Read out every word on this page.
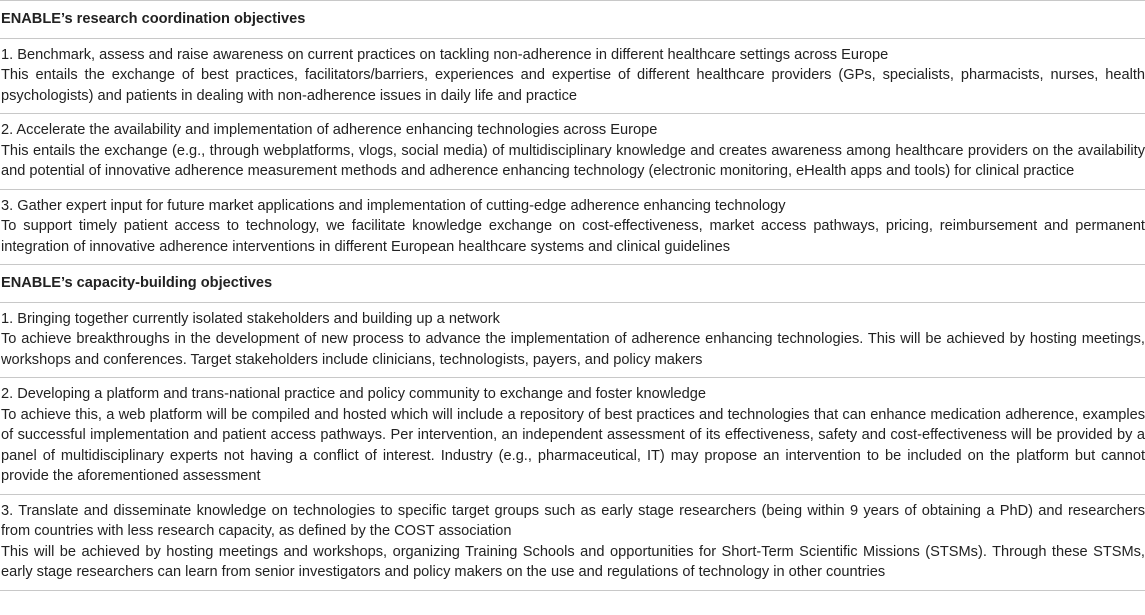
ENABLE’s research coordination objectives
1. Benchmark, assess and raise awareness on current practices on tackling non-adherence in different healthcare settings across Europe
This entails the exchange of best practices, facilitators/barriers, experiences and expertise of different healthcare providers (GPs, specialists, pharmacists, nurses, health psychologists) and patients in dealing with non-adherence issues in daily life and practice
2. Accelerate the availability and implementation of adherence enhancing technologies across Europe
This entails the exchange (e.g., through webplatforms, vlogs, social media) of multidisciplinary knowledge and creates awareness among healthcare providers on the availability and potential of innovative adherence measurement methods and adherence enhancing technology (electronic monitoring, eHealth apps and tools) for clinical practice
3. Gather expert input for future market applications and implementation of cutting-edge adherence enhancing technology
To support timely patient access to technology, we facilitate knowledge exchange on cost-effectiveness, market access pathways, pricing, reimbursement and permanent integration of innovative adherence interventions in different European healthcare systems and clinical guidelines
ENABLE’s capacity-building objectives
1. Bringing together currently isolated stakeholders and building up a network
To achieve breakthroughs in the development of new process to advance the implementation of adherence enhancing technologies. This will be achieved by hosting meetings, workshops and conferences. Target stakeholders include clinicians, technologists, payers, and policy makers
2. Developing a platform and trans-national practice and policy community to exchange and foster knowledge
To achieve this, a web platform will be compiled and hosted which will include a repository of best practices and technologies that can enhance medication adherence, examples of successful implementation and patient access pathways. Per intervention, an independent assessment of its effectiveness, safety and cost-effectiveness will be provided by a panel of multidisciplinary experts not having a conflict of interest. Industry (e.g., pharmaceutical, IT) may propose an intervention to be included on the platform but cannot provide the aforementioned assessment
3. Translate and disseminate knowledge on technologies to specific target groups such as early stage researchers (being within 9 years of obtaining a PhD) and researchers from countries with less research capacity, as defined by the COST association
This will be achieved by hosting meetings and workshops, organizing Training Schools and opportunities for Short-Term Scientific Missions (STSMs). Through these STSMs, early stage researchers can learn from senior investigators and policy makers on the use and regulations of technology in other countries
